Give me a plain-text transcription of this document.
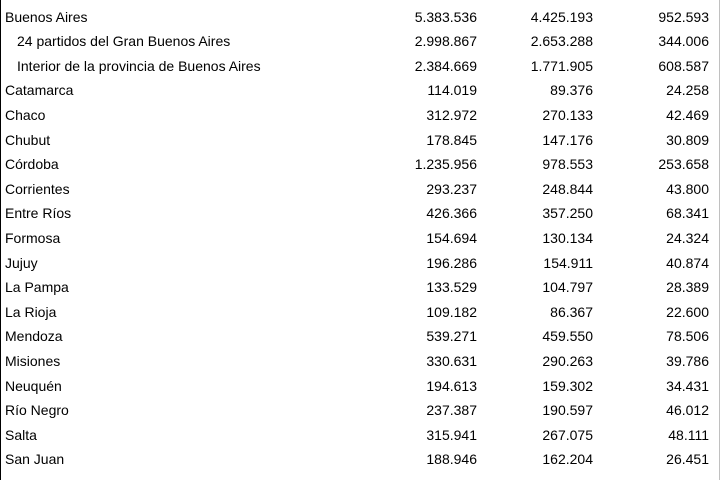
Buenos Aires	5.383.536	4.425.193	952.593
24 partidos del Gran Buenos Aires	2.998.867	2.653.288	344.006
Interior de la provincia de Buenos Aires	2.384.669	1.771.905	608.587
Catamarca	114.019	89.376	24.258
Chaco	312.972	270.133	42.469
Chubut	178.845	147.176	30.809
Córdoba	1.235.956	978.553	253.658
Corrientes	293.237	248.844	43.800
Entre Ríos	426.366	357.250	68.341
Formosa	154.694	130.134	24.324
Jujuy	196.286	154.911	40.874
La Pampa	133.529	104.797	28.389
La Rioja	109.182	86.367	22.600
Mendoza	539.271	459.550	78.506
Misiones	330.631	290.263	39.786
Neuquén	194.613	159.302	34.431
Río Negro	237.387	190.597	46.012
Salta	315.941	267.075	48.111
San Juan	188.946	162.204	26.451
